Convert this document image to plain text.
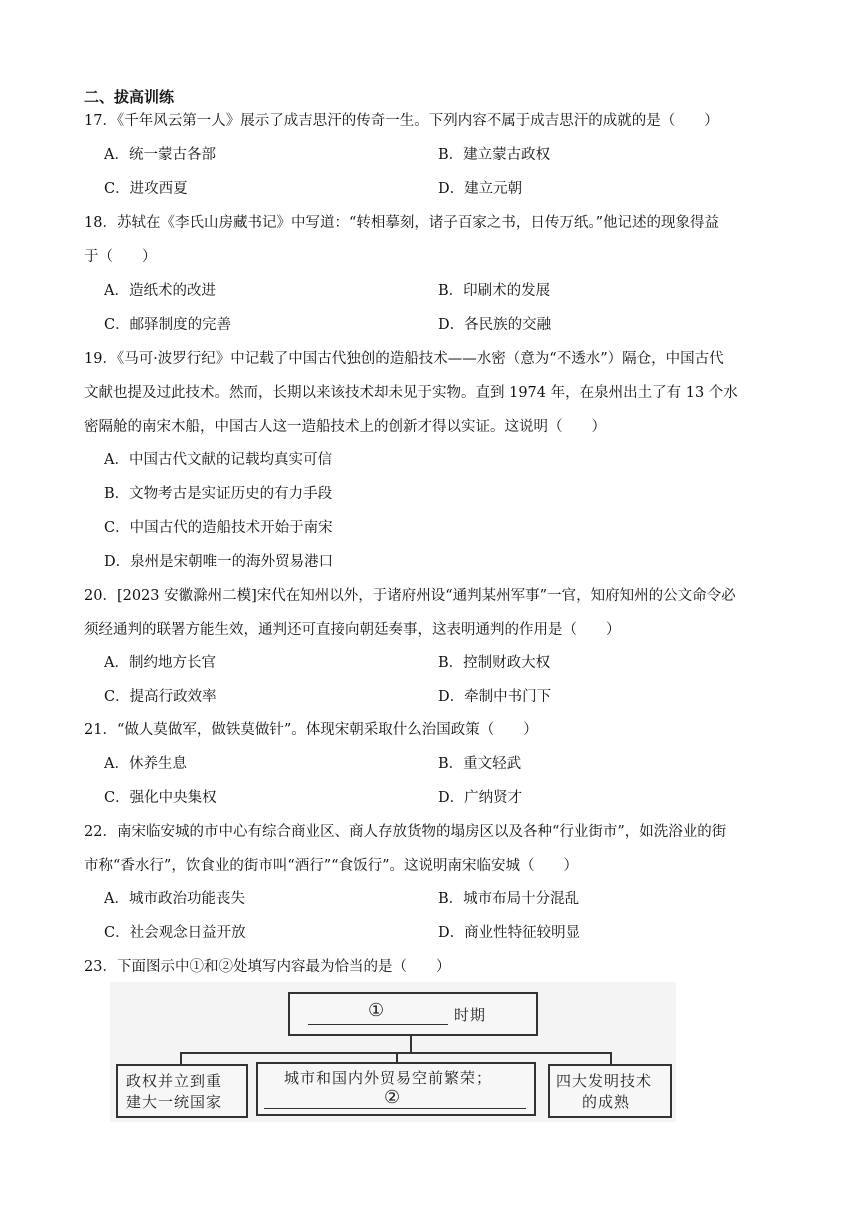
二、拔高训练
17．《千年风云第一人》展示了成吉思汗的传奇一生。下列内容不属于成吉思汗的成就的是（　　）
A．统一蒙古各部	B．建立蒙古政权
C．进攻西夏	D．建立元朝
18．苏轼在《李氏山房藏书记》中写道：“转相摹刻，诸子百家之书，日传万纸。”他记述的现象得益
于（　　）
A．造纸术的改进	B．印刷术的发展
C．邮驿制度的完善	D．各民族的交融
19．《马可·波罗行纪》中记载了中国古代独创的造船技术——水密（意为“不透水”）隔仓，中国古代
文献也提及过此技术。然而，长期以来该技术却未见于实物。直到 1974 年，在泉州出土了有 13 个水
密隔舱的南宋木船，中国古人这一造船技术上的创新才得以实证。这说明（　　）
A．中国古代文献的记载均真实可信
B．文物考古是实证历史的有力手段
C．中国古代的造船技术开始于南宋
D．泉州是宋朝唯一的海外贸易港口
20．[2023 安徽滁州二模]宋代在知州以外，于诸府州设“通判某州军事”一官，知府知州的公文命令必
须经通判的联署方能生效，通判还可直接向朝廷奏事，这表明通判的作用是（　　）
A．制约地方长官	B．控制财政大权
C．提高行政效率	D．牵制中书门下
21．“做人莫做军，做铁莫做针”。体现宋朝采取什么治国政策（　　）
A．休养生息	B．重文轻武
C．强化中央集权	D．广纳贤才
22．南宋临安城的市中心有综合商业区、商人存放货物的塌房区以及各种“行业街市”，如洗浴业的街
市称“香水行”，饮食业的街市叫“酒行”“食饭行”。这说明南宋临安城（　　）
A．城市政治功能丧失	B．城市布局十分混乱
C．社会观念日益开放	D．商业性特征较明显
23．下面图示中①和②处填写内容最为恰当的是（　　）
①	时期
政权并立到重
建大一统国家
城市和国内外贸易空前繁荣；
②
四大发明技术
的成熟
